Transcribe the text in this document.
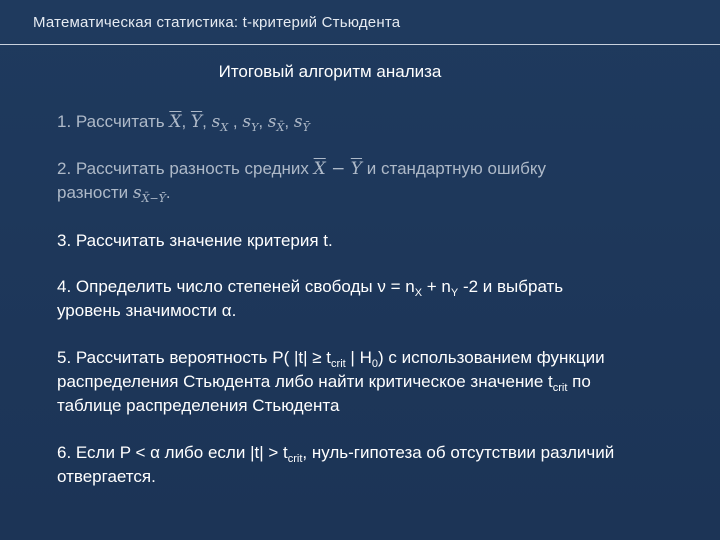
Математическая статистика: t-критерий Стьюдента
Итоговый алгоритм анализа
1. Рассчитать $\overline{X}$, $\overline{Y}$, $s_X$ , $s_Y$, $s_{X̄}$, $s_Ȳ$
2. Рассчитать разность средних $\overline{X} - \overline{Y}$ и стандартную ошибку
разности $s_{X̄-Ȳ}$.
3. Рассчитать значение критерия t.
4. Определить число степеней свободы $\nu = n_X + n_Y$ -2 и выбрать уровень значимости α.
5. Рассчитать вероятность P( $|t| \ge t_{crit}$ | $H_0$) с использованием функции распределения Стьюдента либо найти критическое значение $t_{crit}$ по таблице распределения Стьюдента
6. Если P < α либо если $|t| > t_{crit}$, нуль-гипотеза об отсутствии различий отвергается.
